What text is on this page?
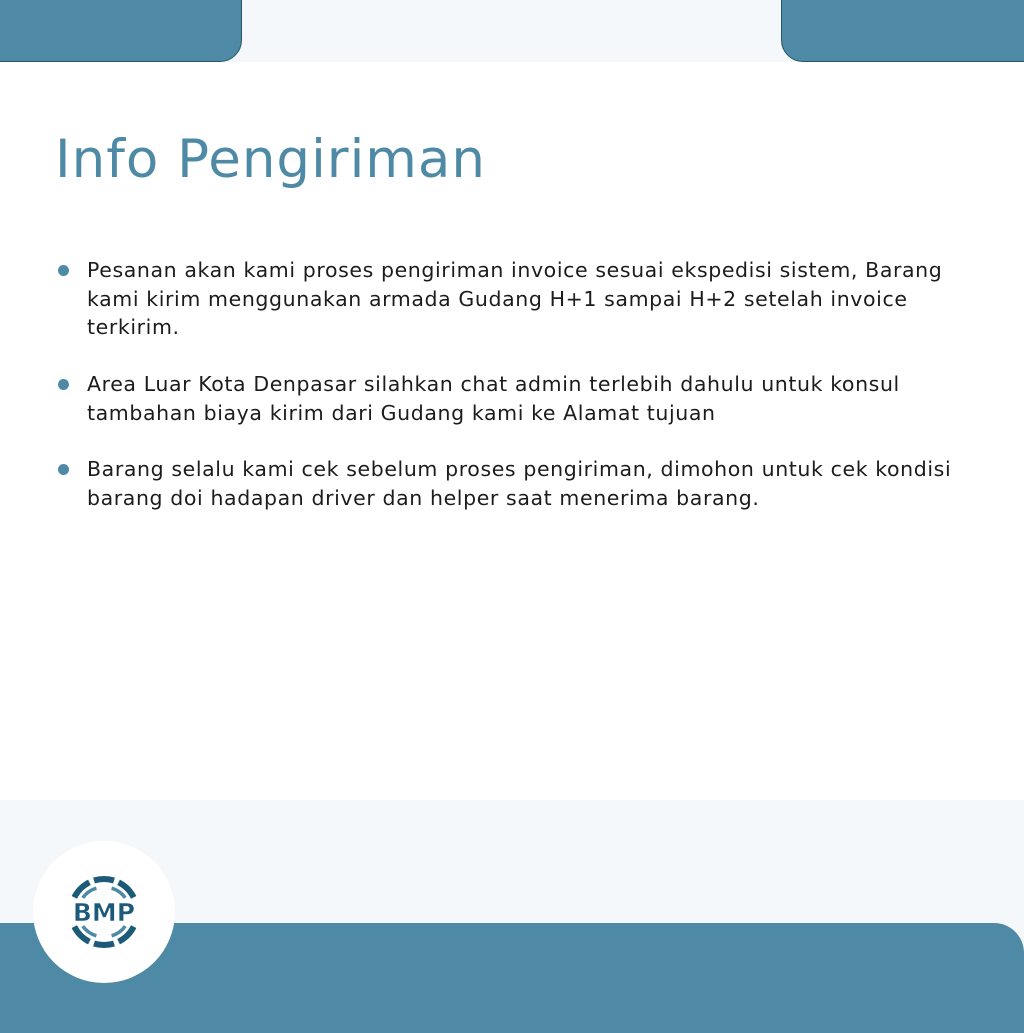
Info Pengiriman
Pesanan akan kami proses pengiriman invoice sesuai ekspedisi sistem, Barang kami kirim menggunakan armada Gudang H+1 sampai H+2 setelah invoice terkirim.
Area Luar Kota Denpasar silahkan chat admin terlebih dahulu untuk konsul tambahan biaya kirim dari Gudang kami ke Alamat tujuan
Barang selalu kami cek sebelum proses pengiriman, dimohon untuk cek kondisi barang doi hadapan driver dan helper saat menerima barang.
BMP
